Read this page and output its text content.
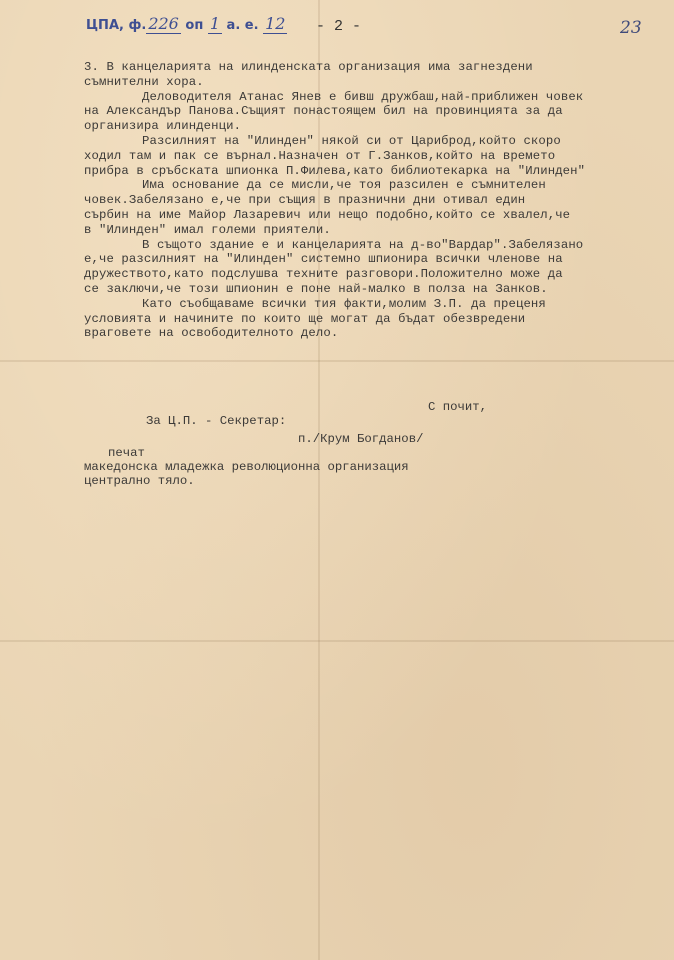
ЦПА, ф. 226 оп 1 а. е. 12 - 2 -	23
3. В канцеларията на илинденската организация има загнездени
съмнителни хора.
Деловодителя Атанас Янев е бивш дружбаш,най-приближен човек
на Александър Панова.Същият понастоящем бил на провинцията за да
организира илинденци.
Разсилният на "Илинден" някой си от Цариброд,който скоро
ходил там и пак се върнал.Назначен от Г.Занков,който на времето
прибра в сръбската шпионка П.Филева,като библиотекарка на "Илинден"
Има основание да се мисли,че тоя разсилен е съмнителен
човек.Забелязано е,че при същия в празнични дни отивал един
сърбин на име Майор Лазаревич или нещо подобно,който се хвалел,че
в "Илинден" имал големи приятели.
В същото здание е и канцеларията на д-во"Вардар".Забелязано
е,че разсилният на "Илинден" системно шпионира всички членове на
дружеството,като подслушва техните разговори.Положително може да
се заключи,че този шпионин е поне най-малко в полза на Занков.
Като съобщаваме всички тия факти,молим З.П. да преценя
условията и начините по които ще могат да бъдат обезвредени
враговете на освободителното дело.
С почит,
За Ц.П. - Секретар:
п./Крум Богданов/
печат
македонска младежка революционна организация
централно тяло.
